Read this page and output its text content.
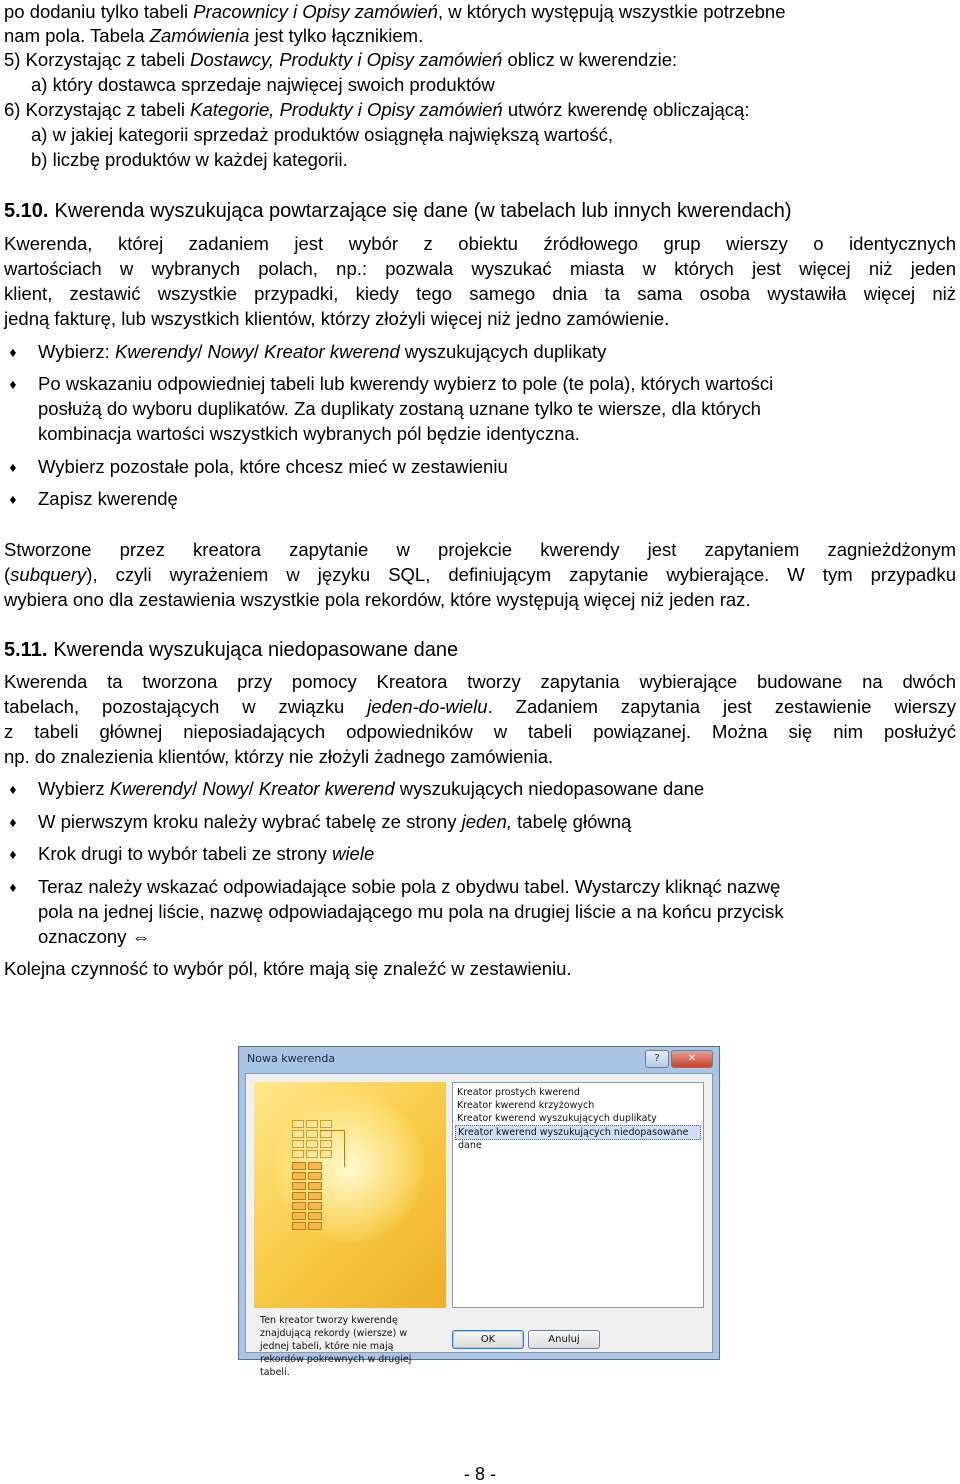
po dodaniu tylko tabeli Pracownicy i Opisy zamówień, w których występują wszystkie potrzebne
nam pola. Tabela Zamówienia jest tylko łącznikiem.
5) Korzystając z tabeli Dostawcy, Produkty i Opisy zamówień oblicz w kwerendzie:
a) który dostawca sprzedaje najwięcej swoich produktów
6) Korzystając z tabeli Kategorie, Produkty i Opisy zamówień utwórz kwerendę obliczającą:
a) w jakiej kategorii sprzedaż produktów osiągnęła największą wartość,
b) liczbę produktów w każdej kategorii.
5.10. Kwerenda wyszukująca powtarzające się dane (w tabelach lub innych kwerendach)
Kwerenda, której zadaniem jest wybór z obiektu źródłowego grup wierszy o identycznych
wartościach w wybranych polach, np.: pozwala wyszukać miasta w których jest więcej niż jeden
klient, zestawić wszystkie przypadki, kiedy tego samego dnia ta sama osoba wystawiła więcej niż
jedną fakturę, lub wszystkich klientów, którzy złożyli więcej niż jedno zamówienie.
♦ Wybierz: Kwerendy/ Nowy/ Kreator kwerend wyszukujących duplikaty
♦ Po wskazaniu odpowiedniej tabeli lub kwerendy wybierz to pole (te pola), których wartości
posłużą do wyboru duplikatów. Za duplikaty zostaną uznane tylko te wiersze, dla których
kombinacja wartości wszystkich wybranych pól będzie identyczna.
♦ Wybierz pozostałe pola, które chcesz mieć w zestawieniu
♦ Zapisz kwerendę
Stworzone przez kreatora zapytanie w projekcie kwerendy jest zapytaniem zagnieżdżonym
(subquery), czyli wyrażeniem w języku SQL, definiującym zapytanie wybierające. W tym przypadku
wybiera ono dla zestawienia wszystkie pola rekordów, które występują więcej niż jeden raz.
5.11. Kwerenda wyszukująca niedopasowane dane
Kwerenda ta tworzona przy pomocy Kreatora tworzy zapytania wybierające budowane na dwóch
tabelach, pozostających w związku jeden-do-wielu. Zadaniem zapytania jest zestawienie wierszy
z tabeli głównej nieposiadających odpowiedników w tabeli powiązanej. Można się nim posłużyć
np. do znalezienia klientów, którzy nie złożyli żadnego zamówienia.
♦ Wybierz Kwerendy/ Nowy/ Kreator kwerend wyszukujących niedopasowane dane
♦ W pierwszym kroku należy wybrać tabelę ze strony jeden, tabelę główną
♦ Krok drugi to wybór tabeli ze strony wiele
♦ Teraz należy wskazać odpowiadające sobie pola z obydwu tabel. Wystarczy kliknąć nazwę
pola na jednej liście, nazwę odpowiadającego mu pola na drugiej liście a na końcu przycisk
oznaczony ⇔
Kolejna czynność to wybór pól, które mają się znaleźć w zestawieniu.
Nowa kwerenda	?	✕
Kreator prostych kwerend
Kreator kwerend krzyżowych
Kreator kwerend wyszukujących duplikaty
Kreator kwerend wyszukujących niedopasowane dane
Ten kreator tworzy kwerendę znajdującą rekordy (wiersze) w jednej tabeli, które nie mają rekordów pokrewnych w drugiej tabeli.
OK	Anuluj
- 8 -
